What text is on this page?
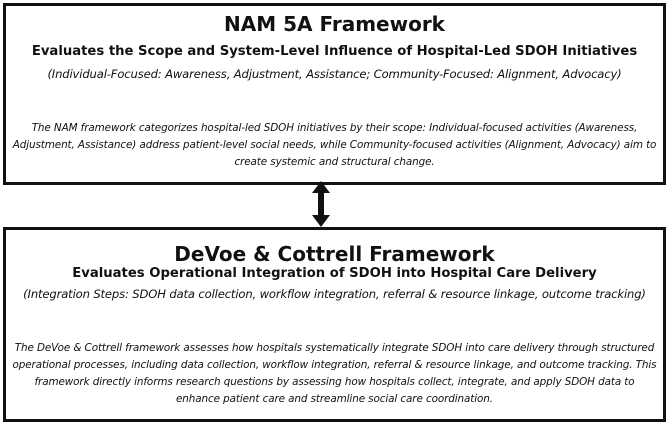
NAM 5A Framework
Evaluates the Scope and System-Level Influence of Hospital-Led SDOH Initiatives
(Individual-Focused: Awareness, Adjustment, Assistance; Community-Focused: Alignment, Advocacy)
The NAM framework categorizes hospital-led SDOH initiatives by their scope: Individual-focused activities (Awareness, Adjustment, Assistance) address patient-level social needs, while Community-focused activities (Alignment, Advocacy) aim to create systemic and structural change.
DeVoe & Cottrell Framework
Evaluates Operational Integration of SDOH into Hospital Care Delivery
(Integration Steps: SDOH data collection, workflow integration, referral & resource linkage, outcome tracking)
The DeVoe & Cottrell framework assesses how hospitals systematically integrate SDOH into care delivery through structured operational processes, including data collection, workflow integration, referral & resource linkage, and outcome tracking. This framework directly informs research questions by assessing how hospitals collect, integrate, and apply SDOH data to enhance patient care and streamline social care coordination.
